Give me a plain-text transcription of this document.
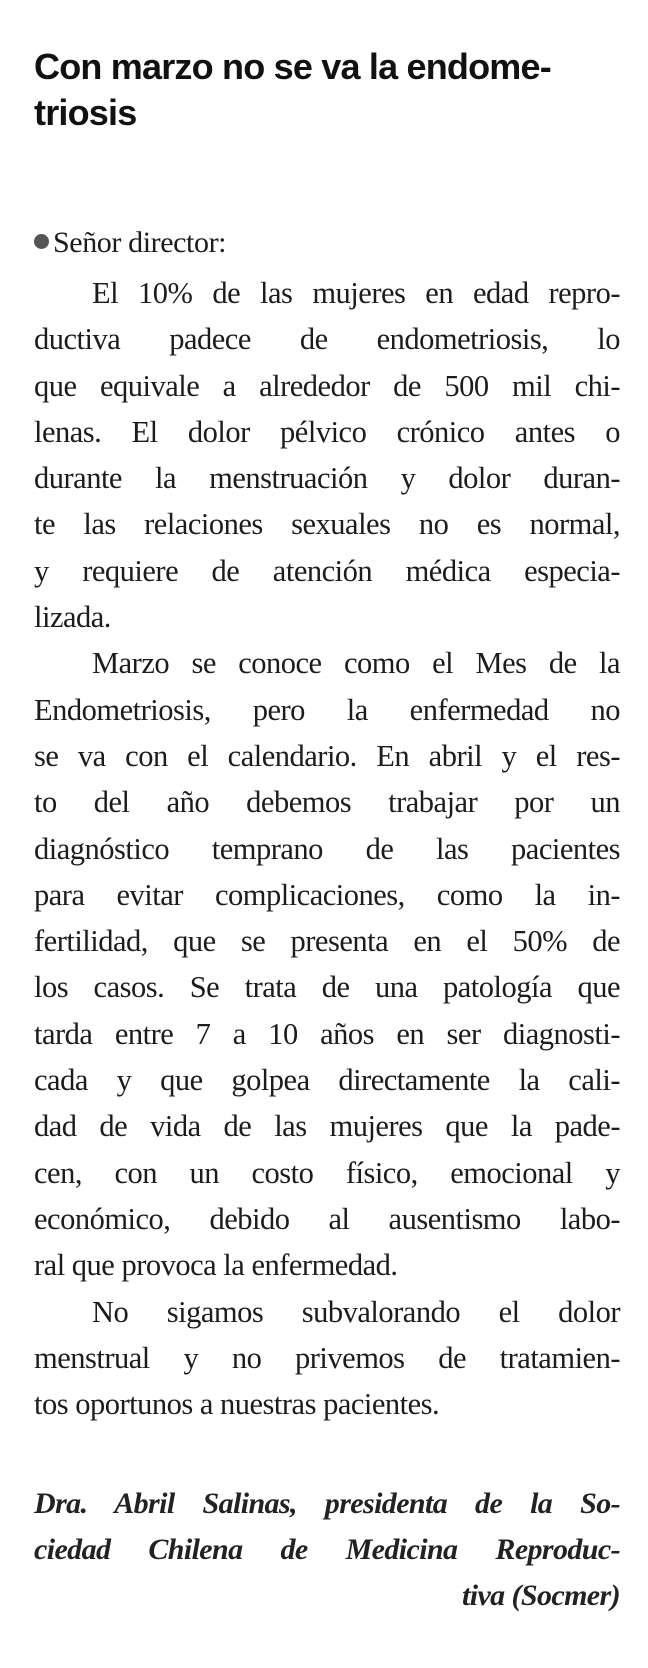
Con marzo no se va la endome-
triosis
Señor director:
El 10% de las mujeres en edad repro-
ductiva padece de endometriosis, lo
que equivale a alrededor de 500 mil chi-
lenas. El dolor pélvico crónico antes o
durante la menstruación y dolor duran-
te las relaciones sexuales no es normal,
y requiere de atención médica especia-
lizada.
Marzo se conoce como el Mes de la
Endometriosis, pero la enfermedad no
se va con el calendario. En abril y el res-
to del año debemos trabajar por un
diagnóstico temprano de las pacientes
para evitar complicaciones, como la in-
fertilidad, que se presenta en el 50% de
los casos. Se trata de una patología que
tarda entre 7 a 10 años en ser diagnosti-
cada y que golpea directamente la cali-
dad de vida de las mujeres que la pade-
cen, con un costo físico, emocional y
económico, debido al ausentismo labo-
ral que provoca la enfermedad.
No sigamos subvalorando el dolor
menstrual y no privemos de tratamien-
tos oportunos a nuestras pacientes.
Dra. Abril Salinas, presidenta de la So-
ciedad Chilena de Medicina Reproduc-
tiva (Socmer)
